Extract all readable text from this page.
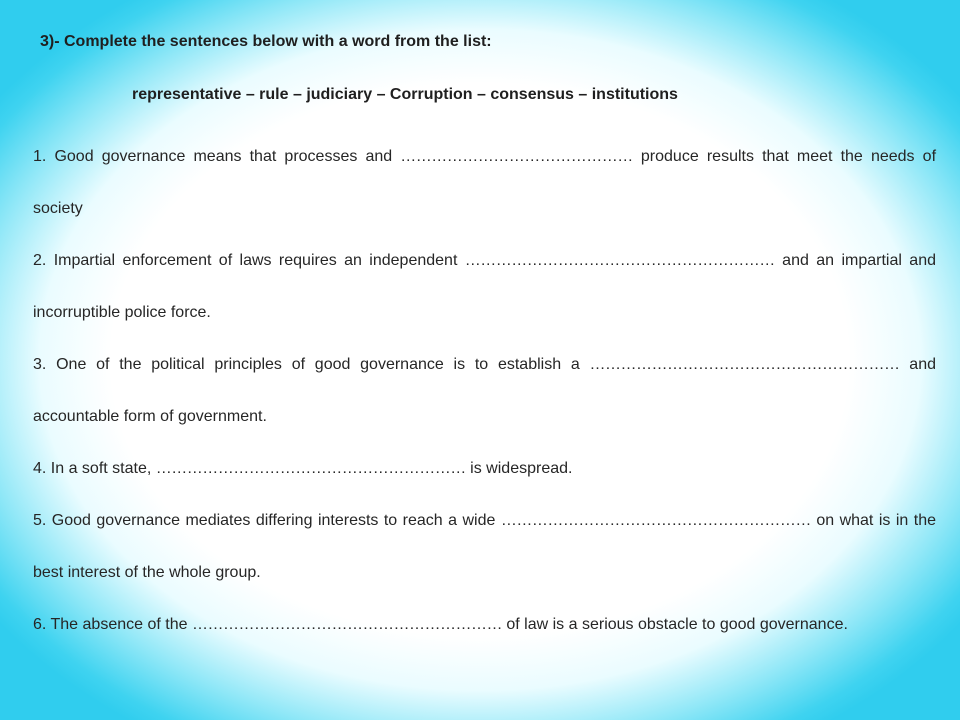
3)- Complete the sentences below with a word from the list:
representative – rule – judiciary – Corruption – consensus – institutions

1. Good governance means that processes and ……………………………………… produce results that meet the needs of society

2. Impartial enforcement of laws requires an independent …………………………………………………… and an impartial and incorruptible police force.

3. One of the political principles of good governance is to establish a …………………………………………………… and accountable form of government.

4. In a soft state, …………………………………………………… is widespread.

5. Good governance mediates differing interests to reach a wide …………………………………………………… on what is in the best interest of the whole group.

6. The absence of the …………………………………………………… of law is a serious obstacle to good governance.
